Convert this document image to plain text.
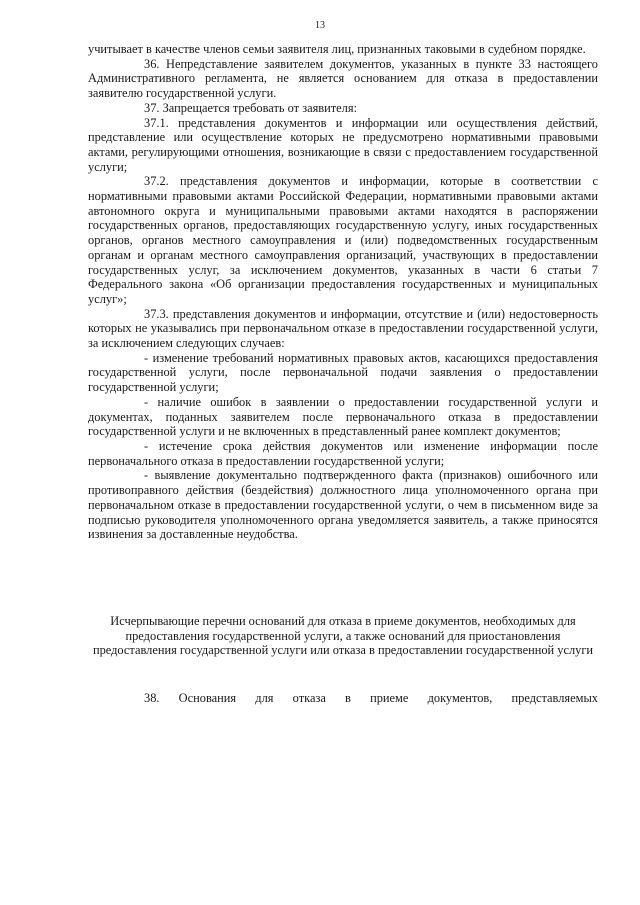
13

учитывает в качестве членов семьи заявителя лиц, признанных таковыми в судебном порядке.

36. Непредставление заявителем документов, указанных в пункте 33 настоящего Административного регламента, не является основанием для отказа в предоставлении заявителю государственной услуги.

37. Запрещается требовать от заявителя:

37.1. представления документов и информации или осуществления действий, представление или осуществление которых не предусмотрено нормативными правовыми актами, регулирующими отношения, возникающие в связи с предоставлением государственной услуги;

37.2. представления документов и информации, которые в соответствии с нормативными правовыми актами Российской Федерации, нормативными правовыми актами автономного округа и муниципальными правовыми актами находятся в распоряжении государственных органов, предоставляющих государственную услугу, иных государственных органов, органов местного самоуправления и (или) подведомственных государственным органам и органам местного самоуправления организаций, участвующих в предоставлении государственных услуг, за исключением документов, указанных в части 6 статьи 7 Федерального закона «Об организации предоставления государственных и муниципальных услуг»;

37.3. представления документов и информации, отсутствие и (или) недостоверность которых не указывались при первоначальном отказе в предоставлении государственной услуги, за исключением следующих случаев:

- изменение требований нормативных правовых актов, касающихся предоставления государственной услуги, после первоначальной подачи заявления о предоставлении государственной услуги;

- наличие ошибок в заявлении о предоставлении государственной услуги и документах, поданных заявителем после первоначального отказа в предоставлении государственной услуги и не включенных в представленный ранее комплект документов;

- истечение срока действия документов или изменение информации после первоначального отказа в предоставлении государственной услуги;

- выявление документально подтвержденного факта (признаков) ошибочного или противоправного действия (бездействия) должностного лица уполномоченного органа при первоначальном отказе в предоставлении государственной услуги, о чем в письменном виде за подписью руководителя уполномоченного органа уведомляется заявитель, а также приносятся извинения за доставленные неудобства.

Исчерпывающие перечни оснований для отказа в приеме документов, необходимых для предоставления государственной услуги, а также оснований для приостановления предоставления государственной услуги или отказа в предоставлении государственной услуги

38. Основания для отказа в приеме документов, представляемых
